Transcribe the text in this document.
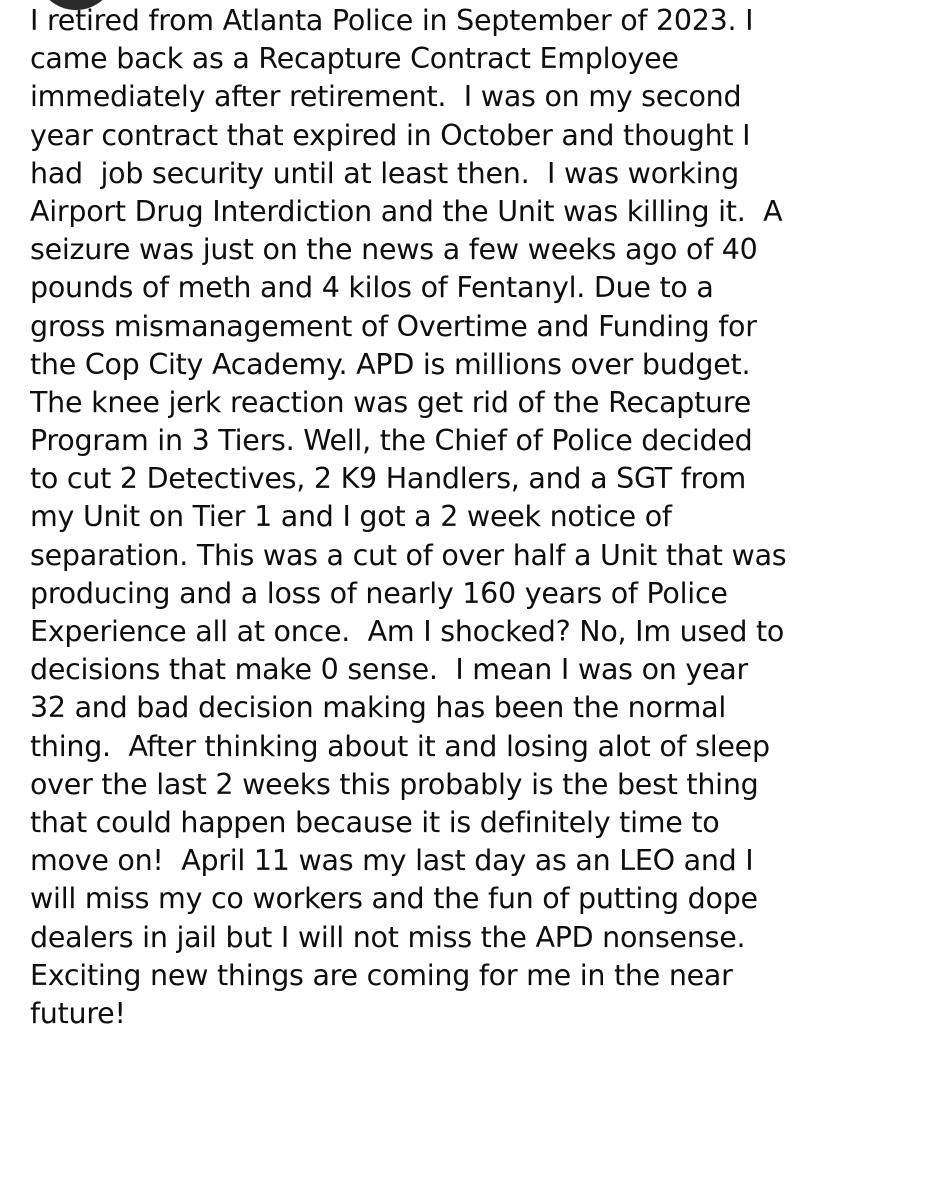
I retired from Atlanta Police in September of 2023. I
came back as a Recapture Contract Employee
immediately after retirement.  I was on my second
year contract that expired in October and thought I
had  job security until at least then.  I was working
Airport Drug Interdiction and the Unit was killing it.  A
seizure was just on the news a few weeks ago of 40
pounds of meth and 4 kilos of Fentanyl. Due to a
gross mismanagement of Overtime and Funding for
the Cop City Academy. APD is millions over budget.
The knee jerk reaction was get rid of the Recapture
Program in 3 Tiers. Well, the Chief of Police decided
to cut 2 Detectives, 2 K9 Handlers, and a SGT from
my Unit on Tier 1 and I got a 2 week notice of
separation. This was a cut of over half a Unit that was
producing and a loss of nearly 160 years of Police
Experience all at once.  Am I shocked? No, Im used to
decisions that make 0 sense.  I mean I was on year
32 and bad decision making has been the normal
thing.  After thinking about it and losing alot of sleep
over the last 2 weeks this probably is the best thing
that could happen because it is definitely time to
move on!  April 11 was my last day as an LEO and I
will miss my co workers and the fun of putting dope
dealers in jail but I will not miss the APD nonsense.
Exciting new things are coming for me in the near
future!
